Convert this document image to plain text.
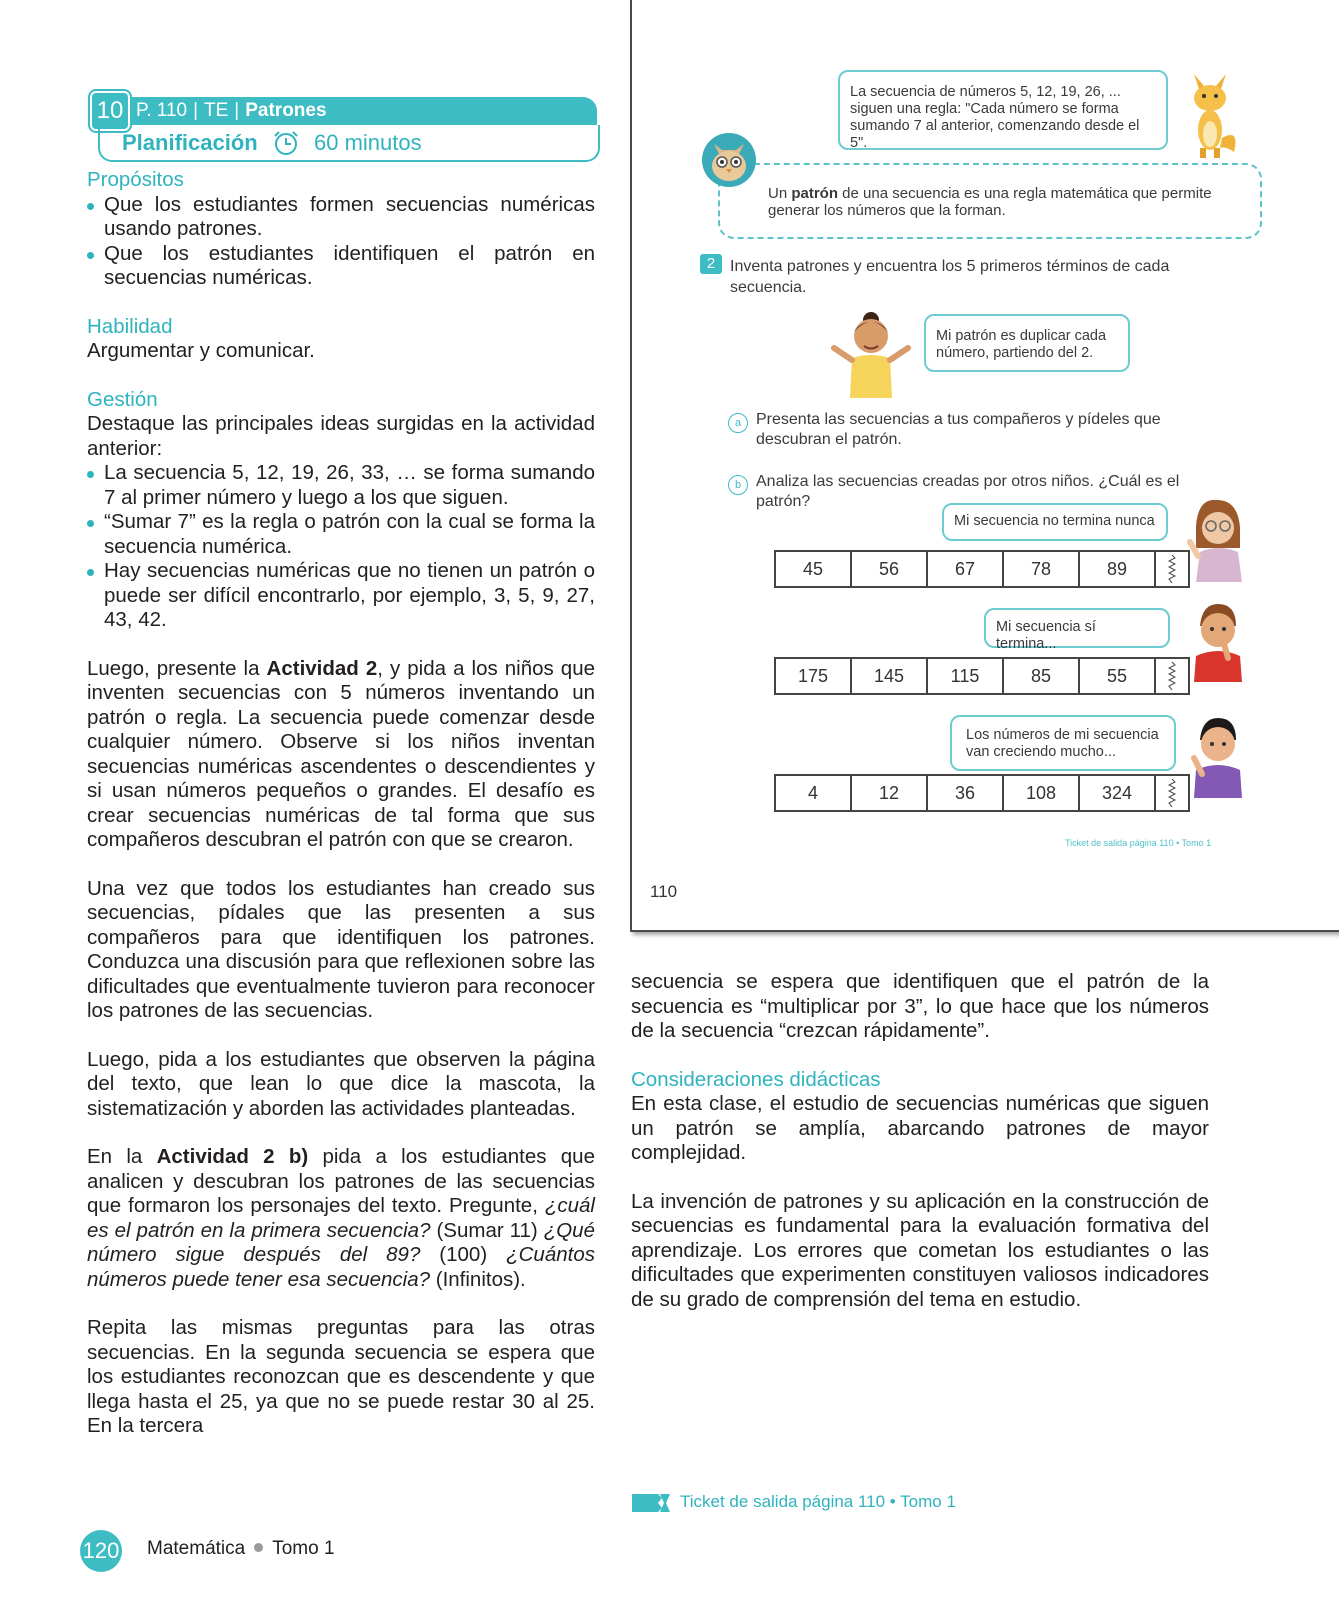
10 P. 110 | TE | Patrones
Planificación	60 minutos
Propósitos
Que los estudiantes formen secuencias numéricas usando patrones.
Que los estudiantes identifiquen el patrón en secuencias numéricas.
Habilidad

Argumentar y comunicar.

Gestión

Destaque las principales ideas surgidas en la actividad anterior:

La secuencia 5, 12, 19, 26, 33, … se forma sumando 7 al primer número y luego a los que siguen.
“Sumar 7” es la regla o patrón con la cual se forma la secuencia numérica.
Hay secuencias numéricas que no tienen un patrón o puede ser difícil encontrarlo, por ejemplo, 3, 5, 9, 27, 43, 42.

Luego, presente la Actividad 2, y pida a los niños que inventen secuencias con 5 números inventando un patrón o regla. La secuencia puede comenzar desde cualquier número. Observe si los niños inventan secuencias numéricas ascendentes o descendientes y si usan números pequeños o grandes. El desafío es crear secuencias numéricas de tal forma que sus compañeros descubran el patrón con que se crearon.

Una vez que todos los estudiantes han creado sus secuencias, pídales que las presenten a sus compañeros para que identifiquen los patrones. Conduzca una discusión para que reflexionen sobre las dificultades que eventualmente tuvieron para reconocer los patrones de las secuencias.

Luego, pida a los estudiantes que observen la página del texto, que lean lo que dice la mascota, la sistematización y aborden las actividades planteadas.

En la Actividad 2 b) pida a los estudiantes que analicen y descubran los patrones de las secuencias que formaron los personajes del texto. Pregunte, ¿cuál es el patrón en la primera secuencia? (Sumar 11) ¿Qué número sigue después del 89? (100) ¿Cuántos números puede tener esa secuencia? (Infinitos).

Repita las mismas preguntas para las otras secuencias. En la segunda secuencia se espera que los estudiantes reconozcan que es descendente y que llega hasta el 25, ya que no se puede restar 30 al 25. En la tercera

La secuencia de números 5, 12, 19, 26, ... siguen una regla: "Cada número se forma sumando 7 al anterior, comenzando desde el 5".
Un patrón de una secuencia es una regla matemática que permite generar los números que la forman.
2 Inventa patrones y encuentra los 5 primeros términos de cada secuencia.
Mi patrón es duplicar cada número, partiendo del 2.
a Presenta las secuencias a tus compañeros y pídeles que descubran el patrón.
b Analiza las secuencias creadas por otros niños. ¿Cuál es el patrón?
Mi secuencia no termina nunca
45	56	67	78	89
Mi secuencia sí termina...
175	145	115	85	55
Los números de mi secuencia van creciendo mucho...
4	12	36	108	324
Ticket de salida página 110 • Tomo 1
110

secuencia se espera que identifiquen que el patrón de la secuencia es “multiplicar por 3”, lo que hace que los números de la secuencia “crezcan rápidamente”.

Consideraciones didácticas

En esta clase, el estudio de secuencias numéricas que siguen un patrón se amplía, abarcando patrones de mayor complejidad.

La invención de patrones y su aplicación en la construcción de secuencias es fundamental para la evaluación formativa del aprendizaje. Los errores que cometan los estudiantes o las dificultades que experimenten constituyen valiosos indicadores de su grado de comprensión del tema en estudio.

Ticket de salida página 110 • Tomo 1
120 Matemática Tomo 1
